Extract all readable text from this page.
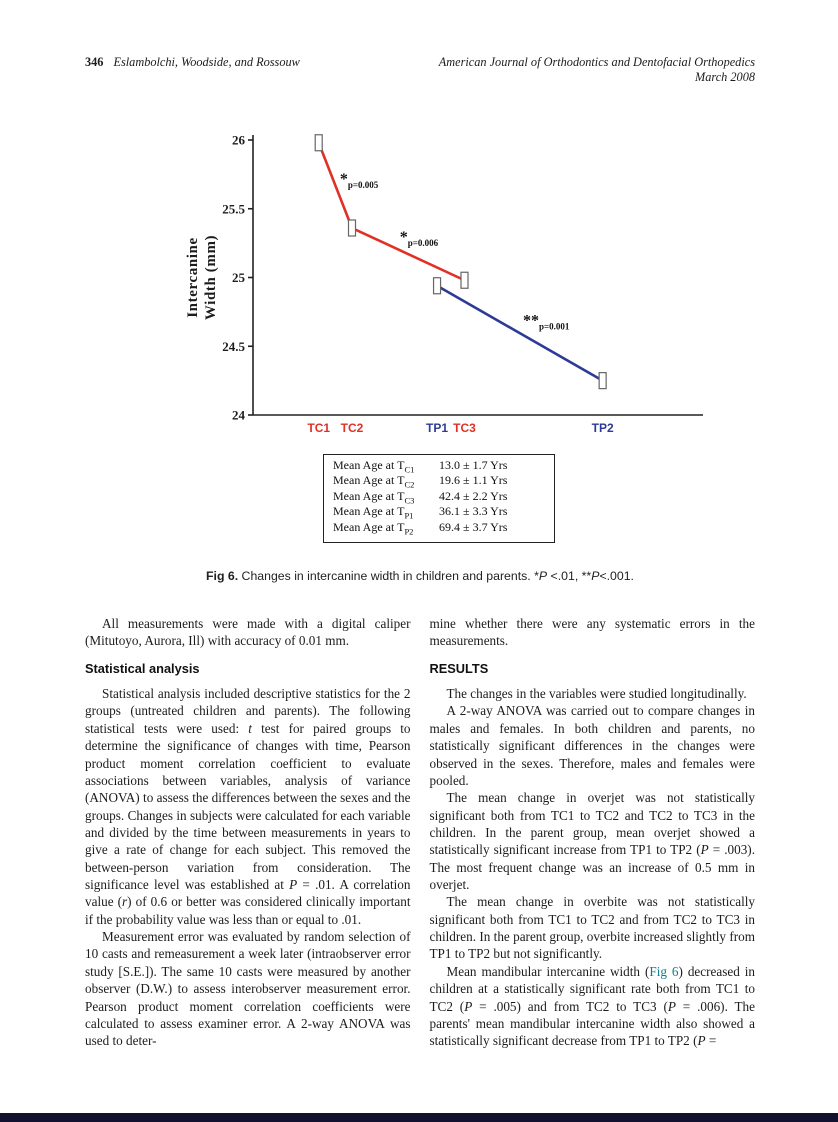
346 Eslambolchi, Woodside, and Rossouw	American Journal of Orthodontics and Dentofacial Orthopedics
March 2008
26
25.5
25
24.5
24
Intercanine Width (mm)
TC1 TC2	TC3
TP1	TP2
$*_{p=0.005}$
$*_{p=0.006}$
$**_{p=0.001}$
Mean Age at $T_{C1}$	13.0 ± 1.7 Yrs
Mean Age at $T_{C2}$	19.6 ± 1.1 Yrs
Mean Age at $T_{C3}$	42.4 ± 2.2 Yrs
Mean Age at $T_{P1}$	36.1 ± 3.3 Yrs
Mean Age at $T_{P2}$	69.4 ± 3.7 Yrs
Fig 6. Changes in intercanine width in children and parents. *P <.01, **P<.001.

All measurements were made with a digital caliper (Mitutoyo, Aurora, Ill) with accuracy of 0.01 mm.

Statistical analysis

Statistical analysis included descriptive statistics for the 2 groups (untreated children and parents). The following statistical tests were used: t test for paired groups to determine the significance of changes with time, Pearson product moment correlation coefficient to evaluate associations between variables, analysis of variance (ANOVA) to assess the differences between the sexes and the groups. Changes in subjects were calculated for each variable and divided by the time between measurements in years to give a rate of change for each subject. This removed the between-person variation from consideration. The significance level was established at P = .01. A correlation value (r) of 0.6 or better was considered clinically important if the probability value was less than or equal to .01.

Measurement error was evaluated by random selection of 10 casts and remeasurement a week later (intraobserver error study [S.E.]). The same 10 casts were measured by another observer (D.W.) to assess interobserver measurement error. Pearson product moment correlation coefficients were calculated to assess examiner error. A 2-way ANOVA was used to deter-

mine whether there were any systematic errors in the measurements.

RESULTS

The changes in the variables were studied longitudinally.

A 2-way ANOVA was carried out to compare changes in males and females. In both children and parents, no statistically significant differences in the changes were observed in the sexes. Therefore, males and females were pooled.

The mean change in overjet was not statistically significant both from TC1 to TC2 and TC2 to TC3 in the children. In the parent group, mean overjet showed a statistically significant increase from TP1 to TP2 (P = .003). The most frequent change was an increase of 0.5 mm in overjet.

The mean change in overbite was not statistically significant both from TC1 to TC2 and from TC2 to TC3 in children. In the parent group, overbite increased slightly from TP1 to TP2 but not significantly.

Mean mandibular intercanine width (Fig 6) decreased in children at a statistically significant rate both from TC1 to TC2 (P = .005) and from TC2 to TC3 (P = .006). The parents' mean mandibular intercanine width also showed a statistically significant decrease from TP1 to TP2 (P =
